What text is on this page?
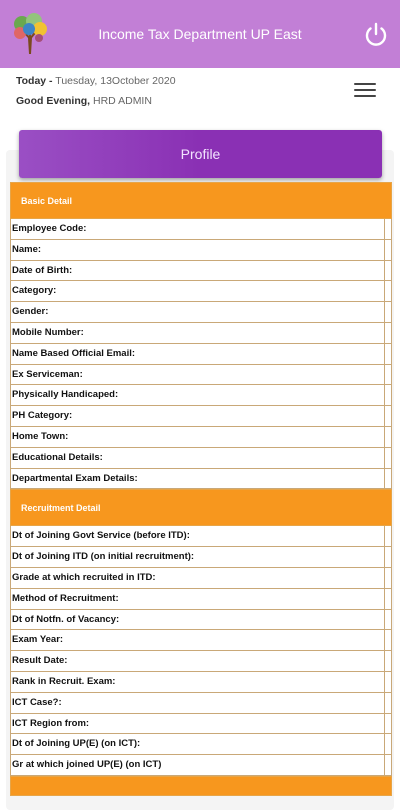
Income Tax Department UP East
Today - Tuesday, 13October 2020
Good Evening, HRD ADMIN
Profile
Basic Detail
Employee Code:
Name:
Date of Birth:
Category:
Gender:
Mobile Number:
Name Based Official Email:
Ex Serviceman:
Physically Handicaped:
PH Category:
Home Town:
Educational Details:
Departmental Exam Details:
Recruitment Detail
Dt of Joining Govt Service (before ITD):
Dt of Joining ITD (on initial recruitment):
Grade at which recruited in ITD:
Method of Recruitment:
Dt of Notfn. of Vacancy:
Exam Year:
Result Date:
Rank in Recruit. Exam:
ICT Case?:
ICT Region from:
Dt of Joining UP(E) (on ICT):
Gr at which joined UP(E) (on ICT)
